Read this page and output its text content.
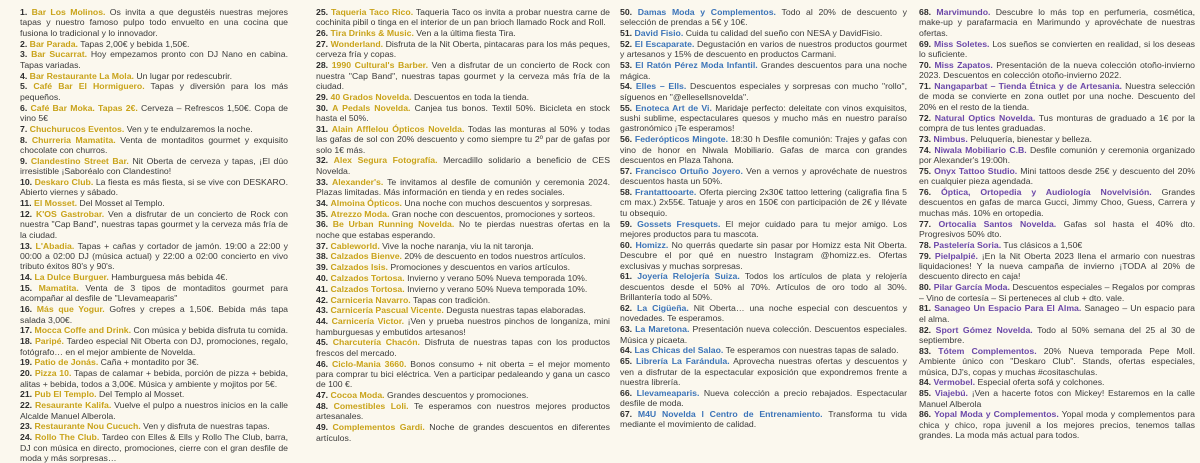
1. Bar Los Molinos. Os invita a que degustéis nuestras mejores tapas y nuestro famoso pulpo todo envuelto en una cocina que fusiona lo tradicional y lo innovador.

2. Bar Parada. Tapas 2,00€ y bebida 1,50€.

3. Bar Sucarrat. Hoy empezamos pronto con DJ Nano en cabina. Tapas variadas.

4. Bar Restaurante La Mola. Un lugar por redescubrir.

5. Café Bar El Hormiguero. Tapas y diversión para los más pequeños.

6. Café Bar Moka. Tapas 2€. Cerveza – Refrescos 1,50€. Copa de vino 5€

7. Chuchurucos Eventos. Ven y te endulzaremos la noche.

8. Churreria Mamatita. Venta de montaditos gourmet y exquisito chocolate con churros.

9. Clandestino Street Bar. Nit Oberta de cerveza y tapas, ¡El dúo irresistible ¡Saboréalo con Clandestino!

10. Deskaro Club. La fiesta es más fiesta, si se vive con DESKARO. Abierto viernes y sábado.

11. El Mosset. Del Mosset al Templo.

12. K'OS Gastrobar. Ven a disfrutar de un concierto de Rock con nuestra "Cap Band", nuestras tapas gourmet y la cerveza más fría de la ciudad.

13. L'Abadia. Tapas + cañas y cortador de jamón. 19:00 a 22:00 y 00:00 a 02:00 DJ (música actual) y 22:00 a 02:00 concierto en vivo tributo éxitos 80's y 90's.

14. La Dulce Burguer. Hamburguesa más bebida 4€.

15. Mamatita. Venta de 3 tipos de montaditos gourmet para acompañar al desfile de "Llevameaparis"

16. Más que Yogur. Gofres y crepes a 1,50€. Bebida más tapa salada 3,00€.

17. Mocca Coffe and Drink. Con música y bebida disfruta tu comida.

18. Paripé. Tardeo especial Nit Oberta con DJ, promociones, regalo, fotógrafo… en el mejor ambiente de Novelda.

19. Patio de Jonás. Caña + montadito por 3€.

20. Pizza 10. Tapas de calamar + bebida, porción de pizza + bebida, alitas + bebida, todos a 3,00€. Música y ambiente y mojitos por 5€.

21. Pub El Templo. Del Templo al Mosset.

22. Resaurante Kalifa. Vuelve el pulpo a nuestros inicios en la calle Alcalde Manuel Alberola.

23. Restaurante Nou Cucuch. Ven y disfruta de nuestras tapas.

24. Rollo The Club. Tardeo con Elles & Ells y Rollo The Club, barra, DJ con música en directo, promociones, cierre con el gran desfile de moda y más sorpresas…

25. Taqueria Taco Rico. Taqueria Taco os invita a probar nuestra carne de cochinita pibil o tinga en el interior de un pan brioch llamado Rock and Roll.

26. Tira Drinks & Music. Ven a la última fiesta Tira.

27. Wonderland. Disfruta de la Nit Oberta, pintacaras para los más peques, cerveza fría y copas.

28. 1990 Cultural's Barber. Ven a disfrutar de un concierto de Rock con nuestra "Cap Band", nuestras tapas gourmet y la cerveza más fría de la ciudad.

29. 40 Grados Novelda. Descuentos en toda la tienda.

30. A Pedals Novelda. Canjea tus bonos. Textil 50%. Bicicleta en stock hasta el 50%.

31. Alain Afflelou Ópticos Novelda. Todas las monturas al 50% y todas las gafas de sol con 20% descuento y como siempre tu 2º par de gafas por solo 1€ más.

32. Alex Segura Fotografía. Mercadillo solidario a beneficio de CES Novelda.

33. Alexander's. Te invitamos al desfile de comunión y ceremonia 2024. Plazas limitadas. Más información en tienda y en redes sociales.

34. Almoina Ópticos. Una noche con muchos descuentos y sorpresas.

35. Atrezzo Moda. Gran noche con descuentos, promociones y sorteos.

36. Be Urban Running Novelda. No te pierdas nuestras ofertas en la noche que estabas esperando.

37. Cableworld. Vive la noche naranja, viu la nit taronja.

38. Calzados Bienve. 20% de descuento en todos nuestros artículos.

39. Calzados Isis. Promociones y descuentos en varios artículos.

40. Calzados Tortosa. Invierno y verano 50% Nueva temporada 10%.

41. Calzados Tortosa. Invierno y verano 50% Nueva temporada 10%.

42. Carniceria Navarro. Tapas con tradición.

43. Carnicería Pascual Vicente. Degusta nuestras tapas elaboradas.

44. Carnicería Victor. ¡Ven y prueba nuestros pinchos de longaniza, mini hamburguesas y embutidos artesanos!

45. Charcutería Chacón. Disfruta de nuestras tapas con los productos frescos del mercado.

46. Ciclo-Mania 3660. Bonos consumo + nit oberta = el mejor momento para comprar tu bici eléctrica. Ven a participar pedaleando y gana un casco de 100 €.

47. Cocoa Moda. Grandes descuentos y promociones.

48. Comestibles Loli. Te esperamos con nuestros mejores productos artesanales.

49. Complementos Gardi. Noche de grandes descuentos en diferentes artículos.

50. Damas Moda y Complementos. Todo al 20% de descuento y selección de prendas a 5€ y 10€.

51. David Fisio. Cuida tu calidad del sueño con NESA y DavidFisio.

52. El Escaparate. Degustación en varios de nuestros productos gourmet y artesanos y 15% de descuento en productos Carmani.

53. El Ratón Pérez Moda Infantil. Grandes descuentos para una noche mágica.

54. Elles – Ells. Descuentos especiales y sorpresas con mucho "rollo", síguenos en "@ellesellsnovelda".

55. Enoteca Art de Vi. Maridaje perfecto: deleitate con vinos exquisitos, sushi sublime, espectaculares quesos y mucho más en nuestro paraíso gastronómico ¡Te esperamos!

56. Federópticos Mingote. 18:30 h Desfile comunión: Trajes y gafas con vino de honor en Niwala Mobiliario. Gafas de marca con grandes descuentos en Plaza Tahona.

57. Francisco Ortuño Joyero. Ven a vernos y aprovéchate de nuestros descuentos hasta un 50%.

58. Frantattooarte. Oferta piercing 2x30€ tattoo lettering (caligrafia fina 5 cm max.) 2x55€. Tatuaje y aros en 150€ con participación de 2€ y llévate tu obsequio.

59. Gossets Fresquets. El mejor cuidado para tu mejor amigo. Los mejores productos para tu mascota.

60. Homizz. No querrás quedarte sin pasar por Homizz esta Nit Oberta. Descubre el por qué en nuestro Instagram @homizz.es. Ofertas exclusivas y muchas sorpresas.

61. Joyería Relojería Suiza. Todos los artículos de plata y relojería descuentos desde el 50% al 70%. Artículos de oro todo al 30%. Brillantería todo al 50%.

62. La Cigüeña. Nit Oberta… una noche especial con descuentos y novedades. Te esperamos.

63. La Maretona. Presentación nueva colección. Descuentos especiales. Música y picaeta.

64. Las Chicas del Salao. Te esperamos con nuestras tapas de salado.

65. Librería La Farándula. Aprovecha nuestras ofertas y descuentos y ven a disfrutar de la espectacular exposición que expondremos frente a nuestra librería.

66. Llevameaparis. Nueva colección a precio rebajados. Espectacular desfile de moda.

67. M4U Novelda l Centro de Entrenamiento. Transforma tu vida mediante el movimiento de calidad.

68. Marvimundo. Descubre lo más top en perfumeria, cosmética, make-up y parafarmacia en Marimundo y aprovéchate de nuestras ofertas.

69. Miss Soletes. Los sueños se convierten en realidad, si los deseas lo suficiente.

70. Miss Zapatos. Presentación de la nueva colección otoño-invierno 2023. Descuentos en colección otoño-invierno 2022.

71. Nangaparbat – Tienda Étnica y de Artesania. Nuestra selección de moda se convierte en zona outlet por una noche. Descuento del 20% en el resto de la tienda.

72. Natural Optics Novelda. Tus monturas de graduado a 1€ por la compra de tus lentes graduadas.

73. Nimbus. Peluquería, bienestar y belleza.

74. Niwala Mobiliario C.B. Desfile comunión y ceremonia organizado por Alexander's 19:00h.

75. Onyx Tattoo Studio. Mini tattoos desde 25€ y descuento del 20% en cualquier pieza agendada.

76. Óptica, Ortopedia y Audiología Novelvisión. Grandes descuentos en gafas de marca Gucci, Jimmy Choo, Guess, Carrera y muchas más. 10% en ortopedia.

77. Ortocalia Santos Novelda. Gafas sol hasta el 40% dto. Progresivos 50% dto.

78. Pastelería Soria. Tus clásicos a 1,50€

79. Pielpalpié. ¡En la Nit Oberta 2023 llena el armario con nuestras liquidaciones! Y la nueva campaña de invierno ¡TODA al 20% de descuento directo en caja!

80. Pilar García Moda. Descuentos especiales – Regalos por compras – Vino de cortesía – Si perteneces al club + dto. vale.

81. Sanageo Un Espacio Para El Alma. Sanageo – Un espacio para el alma.

82. Sport Gómez Novelda. Todo al 50% semana del 25 al 30 de septiembre.

83. Tótem Complementos. 20% Nueva temporada Pepe Moll. Ambiente único con "Deskaro Club". Stands, ofertas especiales, música, DJ's, copas y muchas #cositaschulas.

84. Vermobel. Especial oferta sofá y colchones.

85. Viajebú. ¡Ven a hacerte fotos con Mickey! Estaremos en la calle Manuel Alberola

86. Yopal Moda y Complementos. Yopal moda y complementos para chica y chico, ropa juvenil a los mejores precios, tenemos tallas grandes. La moda más actual para todos.
